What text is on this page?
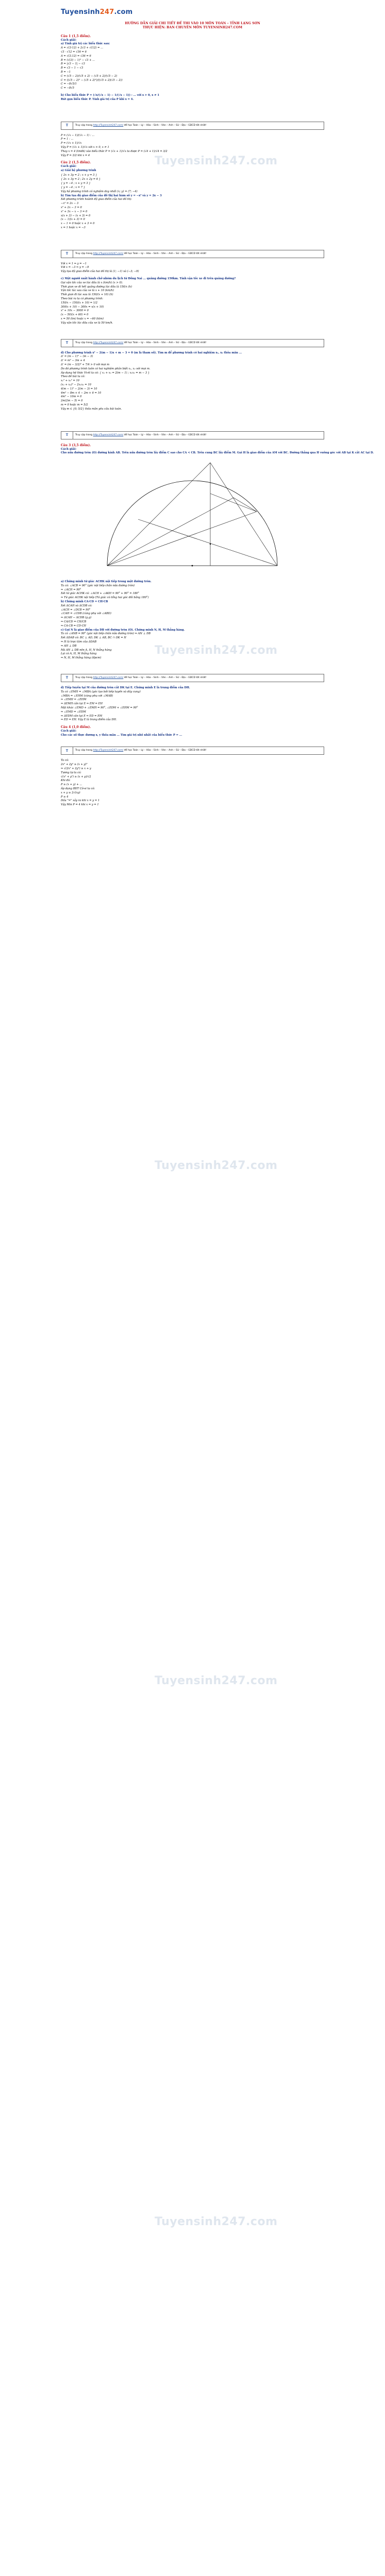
Tuyensinh247.com
Tuyensinh247.com
Tuyensinh247.com
Tuyensinh247.com
Tuyensinh247.com
Tuyensinh247.com
HƯỚNG DẪN GIẢI CHI TIẾT ĐỀ THI VÀO 10 MÔN TOÁN – TỈNH LẠNG SƠN
THỰC HIỆN: BAN CHUYÊN MÔN TUYENSINH247.COM
Câu 1 (1,5 điểm).
Cách giải:
a) Tính giá trị các biểu thức sau:
A = √(3·12) + 2√3 + √(12) = ...
√3 · √12 = √36 = 6
A = √(3.12) = √36 = 6
B = (√(3) − 1)² − √3 + ...
B = |√3 − 1| − √3
B = √3 − 1 − √3
B = −1
C = (√5 − 2)/(√5 + 2) − (√5 + 2)/(√5 − 2)
C = ((√5 − 2)² − (√5 + 2)²)/((√5 + 2)(√5 − 2))
C = −8√5/1
C = −8√5
b) Cho biểu thức P = (√x/(√x − 1) − 1/(√x − 1)) : ... với x > 0, x ≠ 1
Rút gọn biểu thức P. Tính giá trị của P khi x = 4.
T	Truy cập trang http://Tuyensinh247.com/ để học Toán – Lý – Hóa – Sinh – Văn – Anh – Sử – Địa – GDCD tốt nhất!
P = (√x − 1)/(√x − 1) : ...
P = 1 : ...
P = (√x + 1)/√x
Vậy P = (√x + 1)/√x với x > 0, x ≠ 1
Thay x = 4 (tmđk) vào biểu thức P = (√x + 1)/√x ta được P = (√4 + 1)/√4 = 3/2
Vậy P = 3/2 khi x = 4
Câu 2 (1,5 điểm).
Cách giải:
a) Giải hệ phương trình
{ 2x + 3y = 2 ; x + y = 3 }
{ 2x + 3y = 2 ; 2x + 2y = 6 }
{ y = −4 ; x + y = 3 }
{ y = −4 ; x = 7 }
Vậy hệ phương trình có nghiệm duy nhất (x; y) = (7; −4)
b) Tìm tọa độ giao điểm của đồ thị hai hàm số y = −x² và y = 2x − 3
Xét phương trình hoành độ giao điểm của hai đồ thị:
−x² = 2x − 3
x² + 2x − 3 = 0
x² + 3x − x − 3 = 0
x(x + 3) − (x + 3) = 0
(x − 1)(x + 3) = 0
x − 1 = 0 hoặc x + 3 = 0
x = 1 hoặc x = −3
T	Truy cập trang http://Tuyensinh247.com/ để học Toán – Lý – Hóa – Sinh – Văn – Anh – Sử – Địa – GDCD tốt nhất!
Với x = 1 ⇒ y = −1
Với x = −3 ⇒ y = −9
Vậy tọa độ giao điểm của hai đồ thị là (1; −1) và (−3; −9)
c) Một người xuất hành chở nhóm du lịch từ Đồng Nai ... quãng đường 150km. Tính vận tốc xe đi trên quãng đường?
Gọi vận tốc của xe lúc đầu là x (km/h) (x > 0).
Thời gian xe đi hết quãng đường lúc đầu là 150/x (h)
Vận tốc lúc sau của xe là x + 10 (km/h)
Thời gian đi lúc sau là 150/(x + 10) (h)
Theo bài ra ta có phương trình:
150/x − 150/(x + 10) = 1/2
300(x + 10) − 300x = x(x + 10)
x² + 10x − 3000 = 0
(x − 50)(x + 60) = 0
x = 50 (tm) hoặc x = −60 (ktm)
Vậy vận tốc lúc đầu của xe là 50 km/h.
T	Truy cập trang http://Tuyensinh247.com/ để học Toán – Lý – Hóa – Sinh – Văn – Anh – Sử – Địa – GDCD tốt nhất!
d) Cho phương trình x² − 2(m − 1)x + m − 3 = 0 (m là tham số). Tìm m để phương trình có hai nghiệm x₁, x₂ thỏa mãn ...
Δ' = (m − 1)² − (m − 3)
Δ' = m² − 3m + 4
Δ' = (m − 3/2)² + 7/4 > 0 với mọi m
Do đó phương trình luôn có hai nghiệm phân biệt x₁, x₂ với mọi m.
Áp dụng hệ thức Vi-ét ta có: { x₁ + x₂ = 2(m − 1) ; x₁x₂ = m − 3 }
Theo đề bài ta có:
x₁² + x₂² = 10
(x₁ + x₂)² − 2x₁x₂ = 10
4(m − 1)² − 2(m − 3) = 10
4m² − 8m + 4 − 2m + 6 = 10
4m² − 10m = 0
2m(2m − 5) = 0
m = 0 hoặc m = 5/2
Vậy m ∈ {0; 5/2} thỏa mãn yêu cầu bài toán.
T	Truy cập trang http://Tuyensinh247.com/ để học Toán – Lý – Hóa – Sinh – Văn – Anh – Sử – Địa – GDCD tốt nhất!
Câu 3 (3,5 điểm).
Cách giải:
Cho nửa đường tròn (O) đường kính AB. Trên nửa đường tròn lấy điểm C sao cho CA < CB. Trên cung BC lấy điểm M. Gọi H là giao điểm của AM với BC. Đường thẳng qua H vuông góc với AB tại K cắt AC tại D.
a) Chứng minh tứ giác ACHK nội tiếp trong một đường tròn.
Ta có: ∠ACB = 90° (góc nội tiếp chắn nửa đường tròn)
⇒ ∠ACH = 90°
Xét tứ giác ACHK có: ∠ACH + ∠AKH = 90° + 90° = 180°
⇒ Tứ giác ACHK nội tiếp (Tứ giác có tổng hai góc đối bằng 180°)
b) Chứng minh CA·CD = CH·CB
Xét ΔCAH và ΔCDB có:
∠ACH = ∠DCB = 90°
∠CAH = ∠CDB (cùng phụ với ∠ABD)
⇒ ΔCAH ∽ ΔCDB (g.g)
⇒ CA/CD = CH/CB
⇒ CA·CB = CD·CH
c) Gọi N là giao điểm của DB với đường tròn (O). Chứng minh N, H, M thẳng hàng.
Ta có ∠ANB = 90° (góc nội tiếp chắn nửa đường tròn) ⇒ AN ⊥ DB
Xét ΔDAB có: BC ⊥ AD, DK ⊥ AB, BC ∩ DK = H
⇒ H là trực tâm của ΔDAB
⇒ AH ⊥ DB
Mà AN ⊥ DB nên A, H, N thẳng hàng
Lại có A, H, M thẳng hàng
⇒ N, H, M thẳng hàng (đpcm)
T	Truy cập trang http://Tuyensinh247.com/ để học Toán – Lý – Hóa – Sinh – Văn – Anh – Sử – Địa – GDCD tốt nhất!
d) Tiếp tuyến tại M của đường tròn cắt DK tại E. Chứng minh E là trung điểm của DH.
Ta có ∠EMH = ∠MBA (góc tạo bởi tiếp tuyến và dây cung)
∠MBA = ∠EHM (cùng phụ với ∠MAB)
⇒ ∠EMH = ∠EHM
⇒ ΔEMH cân tại E ⇒ EM = EH
Mặt khác ∠EMD + ∠EMH = 90°, ∠EDM + ∠EHM = 90°
⇒ ∠EMD = ∠EDM
⇒ ΔEDM cân tại E ⇒ ED = EM
⇒ ED = EH. Vậy E là trung điểm của DH.
Câu 4 (1,0 điểm).
Cách giải:
Cho các số thực dương x, y thỏa mãn ... Tìm giá trị nhỏ nhất của biểu thức P = ...
T	Truy cập trang http://Tuyensinh247.com/ để học Toán – Lý – Hóa – Sinh – Văn – Anh – Sử – Địa – GDCD tốt nhất!
Ta có:
2x² + 2y² ≥ (x + y)²
⇒ √(2x² + 2y²) ≥ x + y
Tương tự ta có:
√(x² + y²) ≥ (x + y)/√2
Khi đó:
P ≥ (x + y) + ...
Áp dụng BĐT Cô-si ta có:
x + y ≥ 2√(xy)
P ≥ 4
Dấu "=" xảy ra khi x = y = 1
Vậy Min P = 4 khi x = y = 1
